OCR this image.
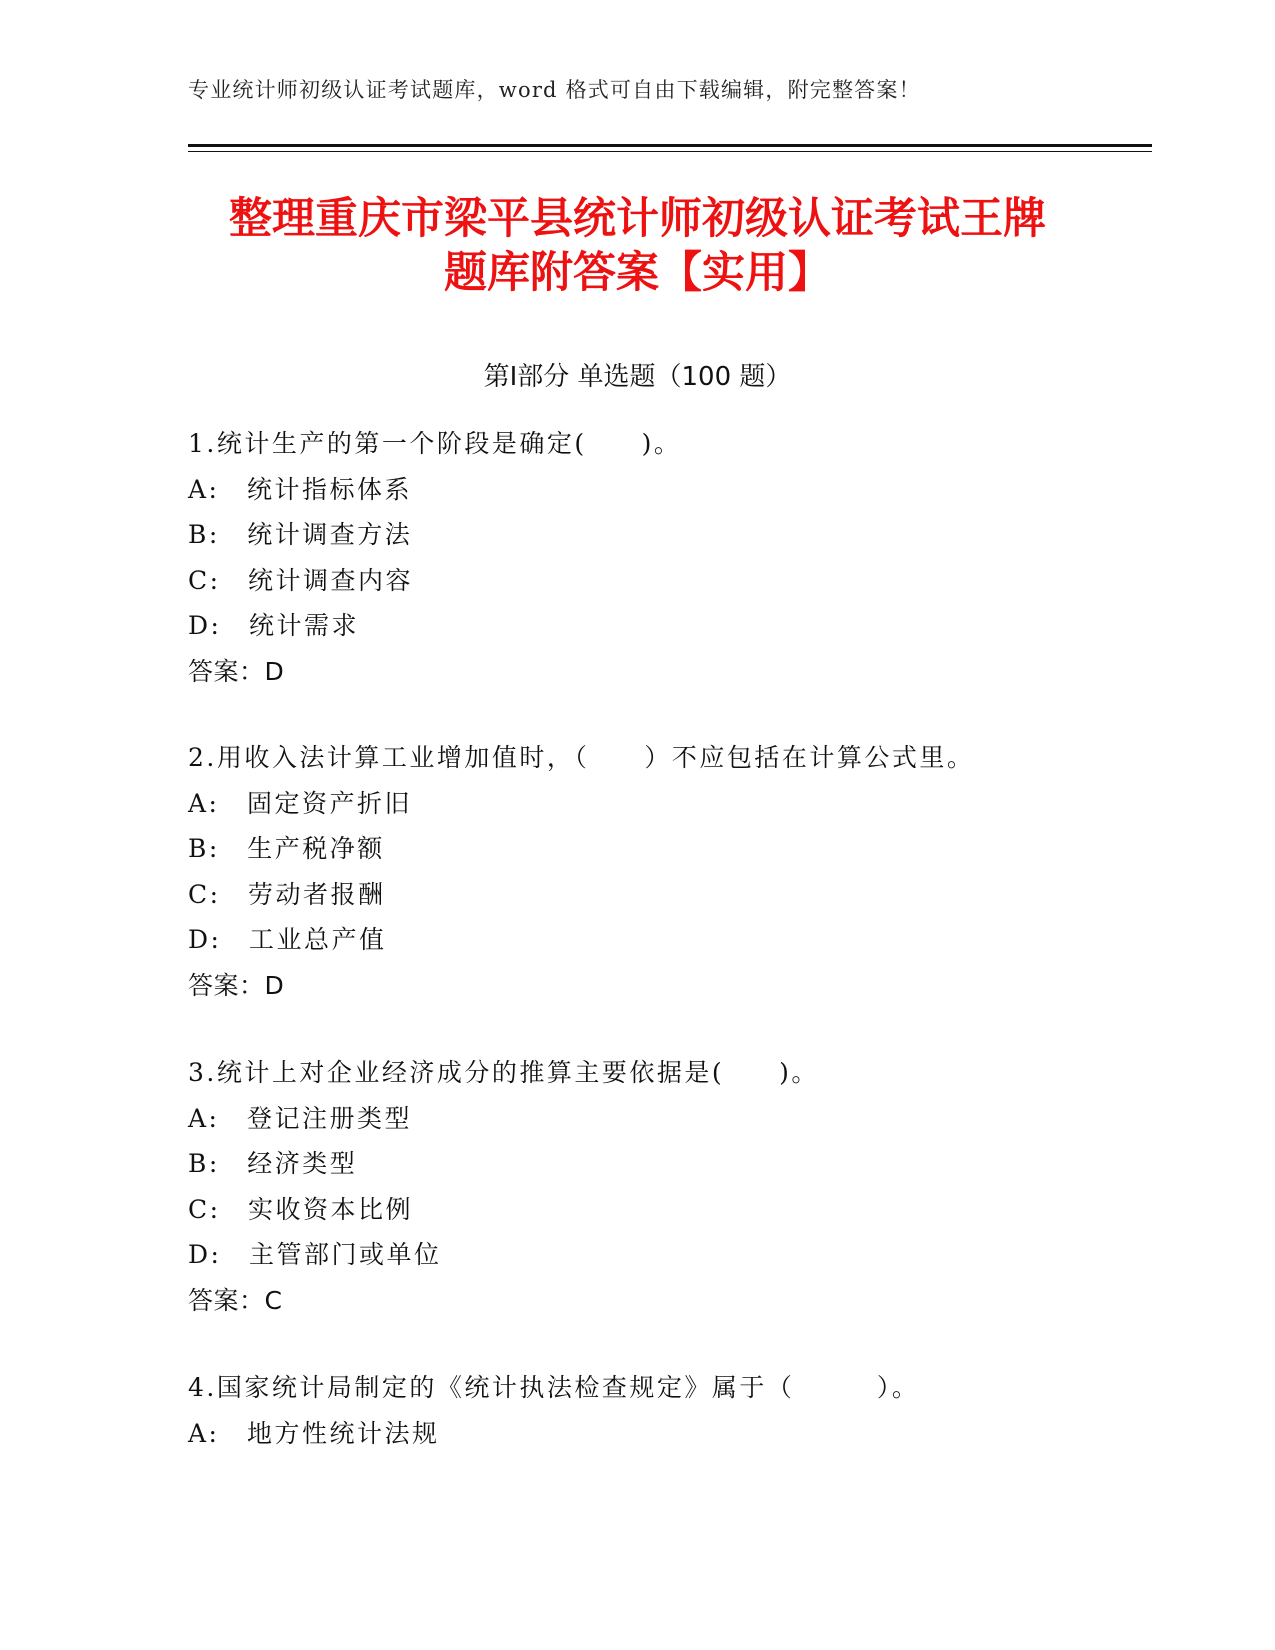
专业统计师初级认证考试题库，word 格式可自由下载编辑，附完整答案！
整理重庆市梁平县统计师初级认证考试王牌
题库附答案【实用】
第Ⅰ部分 单选题（100 题）
1.统计生产的第一个阶段是确定(　　)。
A:　统计指标体系
B:　统计调查方法
C:　统计调查内容
D:　统计需求
答案：D
2.用收入法计算工业增加值时，（　　）不应包括在计算公式里。
A:　固定资产折旧
B:　生产税净额
C:　劳动者报酬
D:　工业总产值
答案：D
3.统计上对企业经济成分的推算主要依据是(　　)。
A:　登记注册类型
B:　经济类型
C:　实收资本比例
D:　主管部门或单位
答案：C
4.国家统计局制定的《统计执法检查规定》属于（　　　）。
A:　地方性统计法规
